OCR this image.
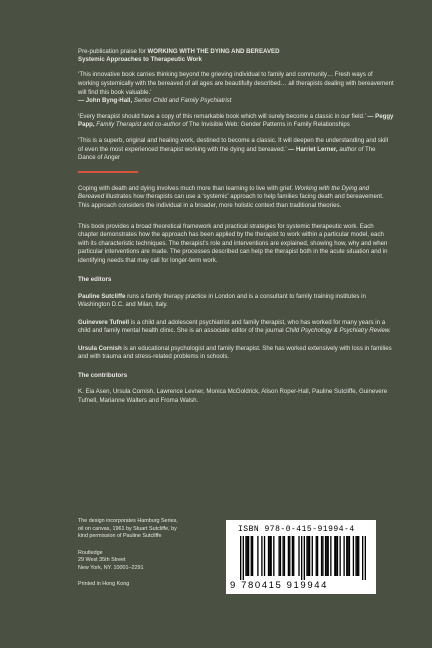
Pre-publication praise for WORKING WITH THE DYING AND BEREAVED

Systemic Approaches to Therapeutic Work

‘This innovative book carries thinking beyond the grieving individual to family and community… Fresh ways of working systemically with the bereaved of all ages are beautifully described… all therapists dealing with bereavement will find this book valuable.’
— John Byng-Hall, Senior Child and Family Psychiatrist

‘Every therapist should have a copy of this remarkable book which will surely become a classic in our field.’ — Peggy Papp, Family Therapist and co-author of The Invisible Web: Gender Patterns in Family Relationships

‘This is a superb, original and healing work, destined to become a classic. It will deepen the understanding and skill of even the most experienced therapist working with the dying and bereaved.’ — Harriet Lerner, author of The Dance of Anger

Coping with death and dying involves much more than learning to live with grief. Working with the Dying and Bereaved illustrates how therapists can use a ‘systemic’ approach to help families facing death and bereavement. This approach considers the individual in a broader, more holistic context than traditional theories.

This book provides a broad theoretical framework and practical strategies for systemic therapeutic work. Each chapter demonstrates how the approach has been applied by the therapist to work within a particular model, each with its characteristic techniques. The therapist’s role and interventions are explained, showing how, why and when particular interventions are made. The processes described can help the therapist both in the acute situation and in identifying needs that may call for longer-term work.

The editors

Pauline Sutcliffe runs a family therapy practice in London and is a consultant to family training institutes in Washington D.C. and Milan, Italy.

Guinevere Tufnell is a child and adolescent psychiatrist and family therapist, who has worked for many years in a child and family mental health clinic. She is an associate editor of the journal Child Psychology & Psychiatry Review.

Ursula Cornish is an educational psychologist and family therapist. She has worked extensively with loss in families and with trauma and stress-related problems in schools.

The contributors

K. Eia Asen, Ursula Cornish, Lawrence Levner, Monica McGoldrick, Alison Roper-Hall, Pauline Sutcliffe, Guinevere Tufnell, Marianne Walters and Froma Walsh.

The design incorporates Hamburg Series,
oil on canvas, 1961 by Stuart Sutcliffe, by
kind permission of Pauline Sutcliffe
Routledge
29 West 35th Street
New York, NY. 10001–2291
Printed in Hong Kong
ISBN 978-0-415-91994-4
9 780415 919944
